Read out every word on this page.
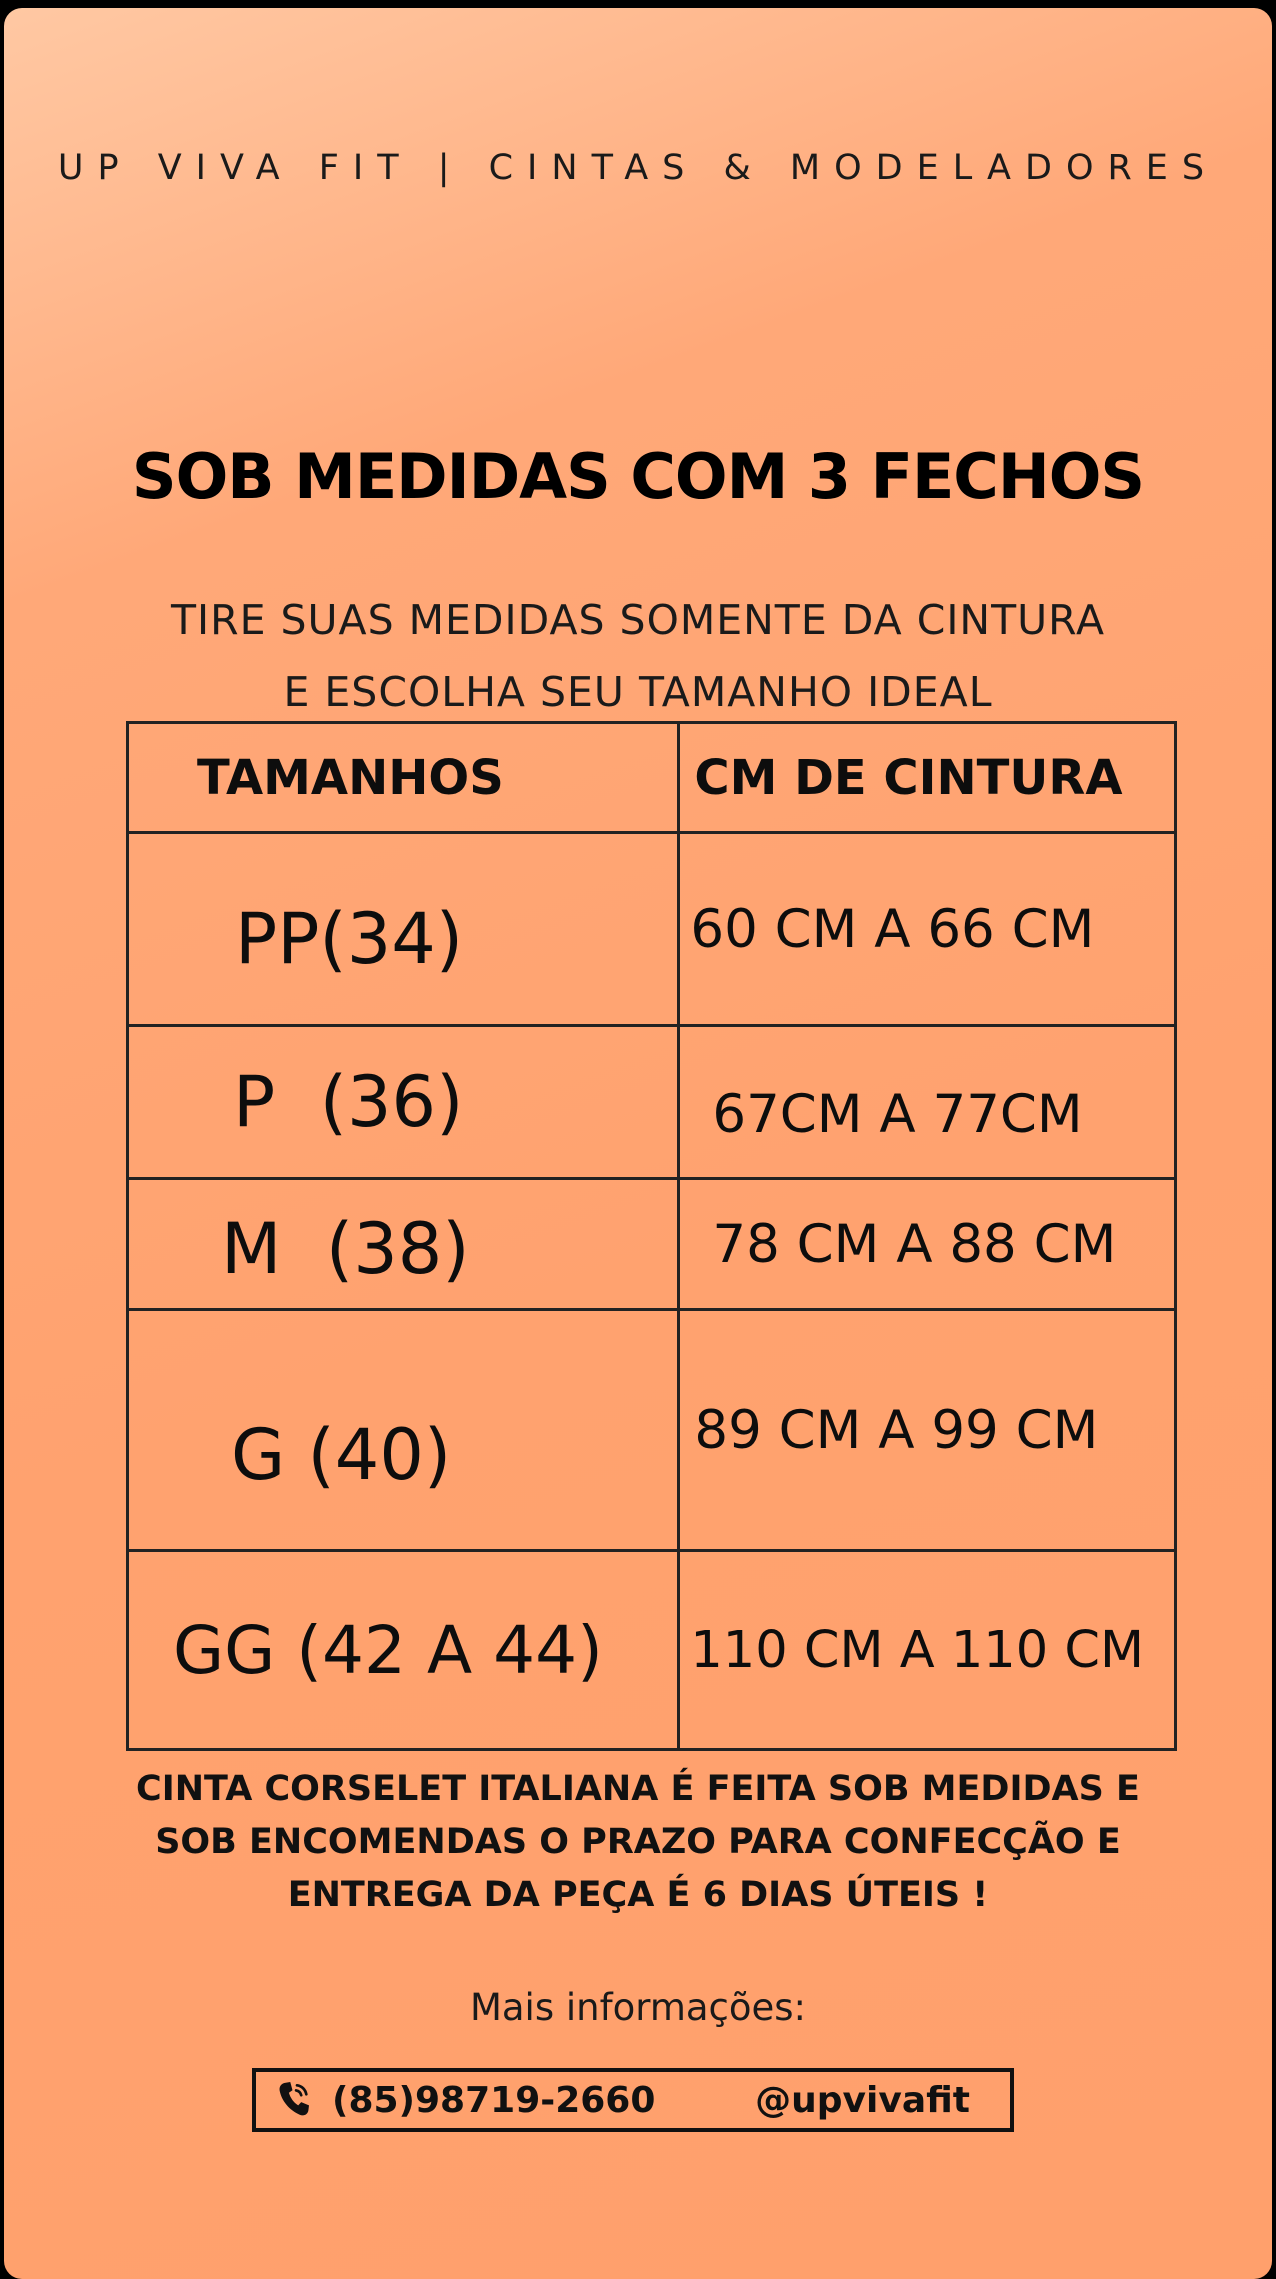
UP VIVA FIT | CINTAS & MODELADORES
SOB MEDIDAS COM 3 FECHOS
TIRE SUAS MEDIDAS SOMENTE DA CINTURA
E ESCOLHA SEU TAMANHO IDEAL
TAMANHOS	CM DE CINTURA
PP(34)	60 CM A 66 CM
P  (36)	67CM A 77CM
M  (38)	78 CM A 88 CM
G (40)	89 CM A 99 CM
GG (42 A 44)	110 CM A 110 CM
CINTA CORSELET ITALIANA É FEITA SOB MEDIDAS E
SOB ENCOMENDAS O PRAZO PARA CONFECÇÃO E
ENTREGA DA PEÇA É 6 DIAS ÚTEIS !
Mais informações:
(85)98719-2660	@upvivafit
